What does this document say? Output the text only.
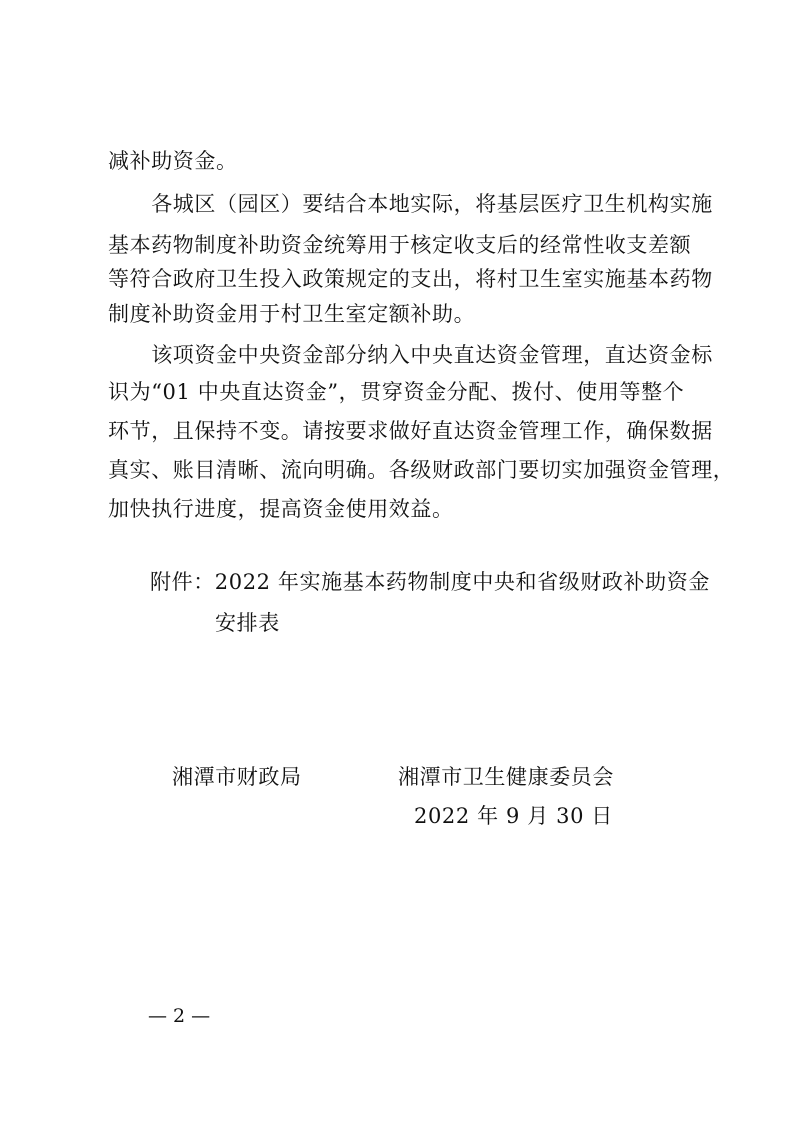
减补助资金。
　　各城区（园区）要结合本地实际，将基层医疗卫生机构实施
基本药物制度补助资金统筹用于核定收支后的经常性收支差额
等符合政府卫生投入政策规定的支出，将村卫生室实施基本药物
制度补助资金用于村卫生室定额补助。
　　该项资金中央资金部分纳入中央直达资金管理，直达资金标
识为“01 中央直达资金”，贯穿资金分配、拨付、使用等整个
环节，且保持不变。请按要求做好直达资金管理工作，确保数据
真实、账目清晰、流向明确。各级财政部门要切实加强资金管理，
加快执行进度，提高资金使用效益。
附件：2022 年实施基本药物制度中央和省级财政补助资金
安排表
湘潭市财政局	湘潭市卫生健康委员会
2022 年 9 月 30 日
— 2 —
